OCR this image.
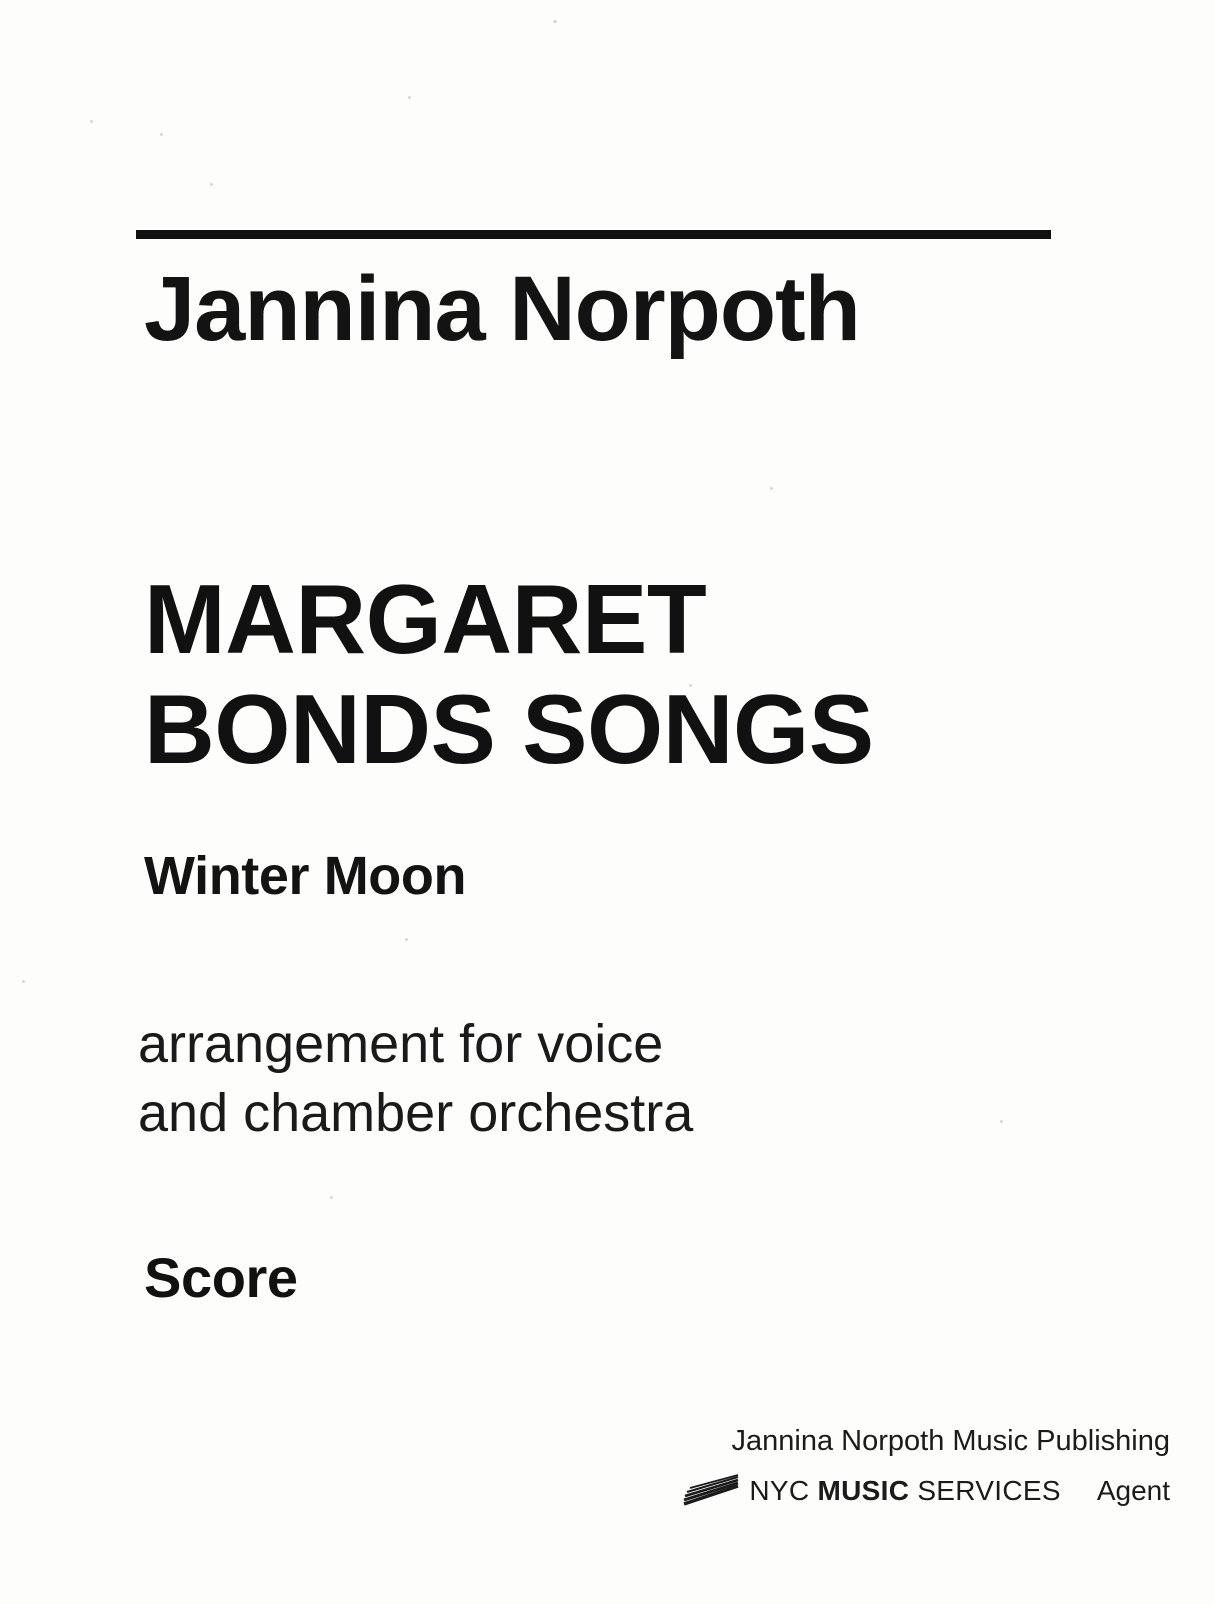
Jannina Norpoth
MARGARET
BONDS SONGS
Winter Moon
arrangement for voice
and chamber orchestra
Score
Jannina Norpoth Music Publishing
NYC MUSIC SERVICES Agent
